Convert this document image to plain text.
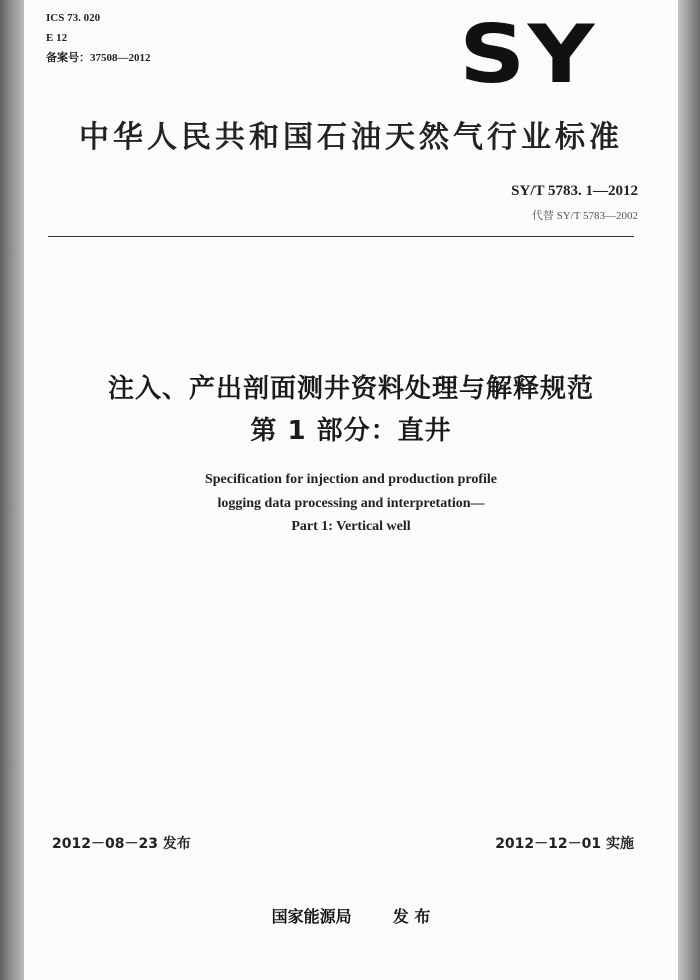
ICS 73. 020
E 12
备案号：37508—2012	SY
中华人民共和国石油天然气行业标准
SY/T 5783. 1—2012
代替 SY/T 5783—2002
注入、产出剖面测井资料处理与解释规范
第 1 部分：直井
Specification for injection and production profile
logging data processing and interpretation—
Part 1: Vertical well
2012－08－23 发布	2012－12－01 实施
国家能源局	发 布
